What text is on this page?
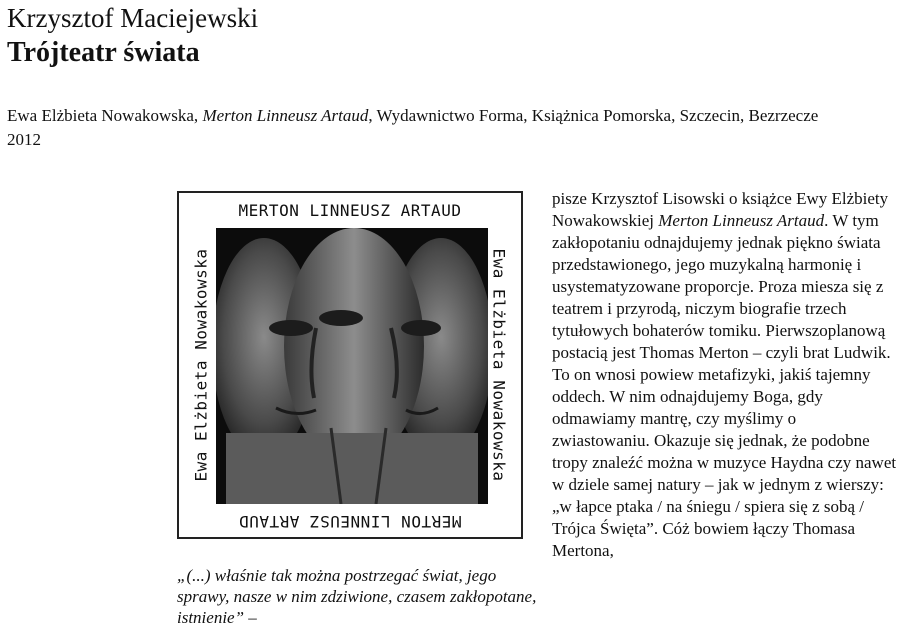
Krzysztof Maciejewski
Trójteatr świata
Ewa Elżbieta Nowakowska, Merton Linneusz Artaud, Wydawnictwo Forma, Książnica Pomorska, Szczecin, Bezrzecze 2012
MERTON LINNEUSZ ARTAUD
Ewa Elżbieta Nowakowska	Ewa Elżbieta Nowakowska
MERTON LINNEUSZ ARTAUD
„(...) właśnie tak można postrzegać świat, jego sprawy, nasze w nim zdziwione, czasem zakłopotane, istnienie” –

pisze Krzysztof Lisowski o książce Ewy Elżbiety Nowakowskiej Merton Linneusz Artaud. W tym zakłopotaniu odnajdujemy jednak piękno świata przedstawionego, jego muzykalną harmonię i usystematyzowane proporcje. Proza miesza się z teatrem i przyrodą, niczym biografie trzech tytułowych bohaterów tomiku. Pierwszoplanową postacią jest Thomas Merton – czyli brat Ludwik. To on wnosi powiew metafizyki, jakiś tajemny oddech. W nim odnajdujemy Boga, gdy odmawiamy mantrę, czy myślimy o zwiastowaniu. Okazuje się jednak, że podobne tropy znaleźć można w muzyce Haydna czy nawet w dziele samej natury – jak w jednym z wierszy: „w łapce ptaka / na śniegu / spiera się z sobą / Trójca Święta”. Cóż bowiem łączy Thomasa Mertona,
